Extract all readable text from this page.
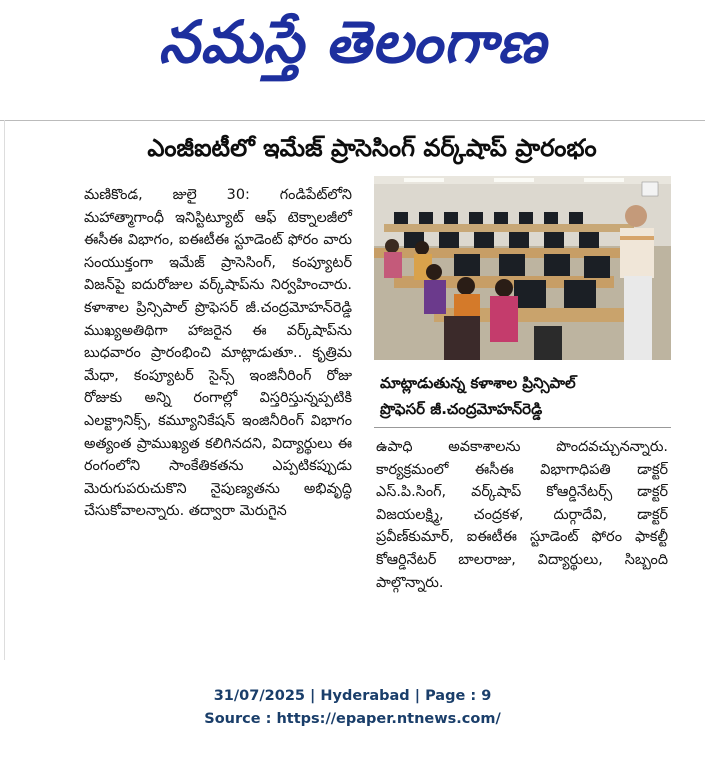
నమస్తే తెలంగాణ
ఎంజీఐటీలో ఇమేజ్ ప్రాసెసింగ్ వర్క్‌షాప్ ప్రారంభం
మణికొండ, జులై 30: గండిపేట్‌లోని మహాత్మాగాంధీ ఇనిస్టిట్యూట్ ఆఫ్ టెక్నాలజీలో ఈసీఈ విభాగం, ఐఈటీఈ స్టూడెంట్ ఫోరం వారు సంయుక్తంగా ఇమేజ్ ప్రాసెసింగ్, కంప్యూటర్ విజన్‌పై ఐదురోజుల వర్క్‌షాప్‌ను నిర్వహించారు. కళాశాల ప్రిన్సిపాల్ ప్రొఫెసర్ జీ.చంద్రమోహన్‌రెడ్డి ముఖ్యఅతిథిగా హాజరైన ఈ వర్క్‌షాప్‌ను బుధవారం ప్రారంభించి మాట్లాడుతూ.. కృత్రిమ మేధా, కంప్యూటర్ సైన్స్ ఇంజినీరింగ్ రోజు రోజుకు అన్ని రంగాల్లో విస్తరిస్తున్నప్పటికి ఎలక్ట్రానిక్స్, కమ్యూనికేషన్ ఇంజినీరింగ్ విభాగం అత్యంత ప్రాముఖ్యత కలిగినదని, విద్యార్థులు ఈ రంగంలోని సాంకేతికతను ఎప్పటికప్పుడు మెరుగుపరుచుకొని నైపుణ్యతను అభివృద్ధి చేసుకోవాలన్నారు. తద్వారా మెరుగైన
మాట్లాడుతున్న కళాశాల ప్రిన్సిపాల్
ప్రొఫెసర్ జీ.చంద్రమోహన్‌రెడ్డి
ఉపాధి అవకాశాలను పొందవచ్చునన్నారు. కార్యక్రమంలో ఈసీఈ విభాగాధిపతి డాక్టర్ ఎస్.పి.సింగ్, వర్క్‌షాప్ కోఆర్డినేటర్స్ డాక్టర్ విజయలక్ష్మి, చంద్రకళ, దుర్గాదేవి, డాక్టర్ ప్రవీణ్‌కుమార్, ఐఈటీఈ స్టూడెంట్ ఫోరం ఫాకల్టీ కోఆర్డినేటర్ బాలరాజు, విద్యార్థులు, సిబ్బంది పాల్గొన్నారు.
31/07/2025 | Hyderabad | Page : 9
Source : https://epaper.ntnews.com/
